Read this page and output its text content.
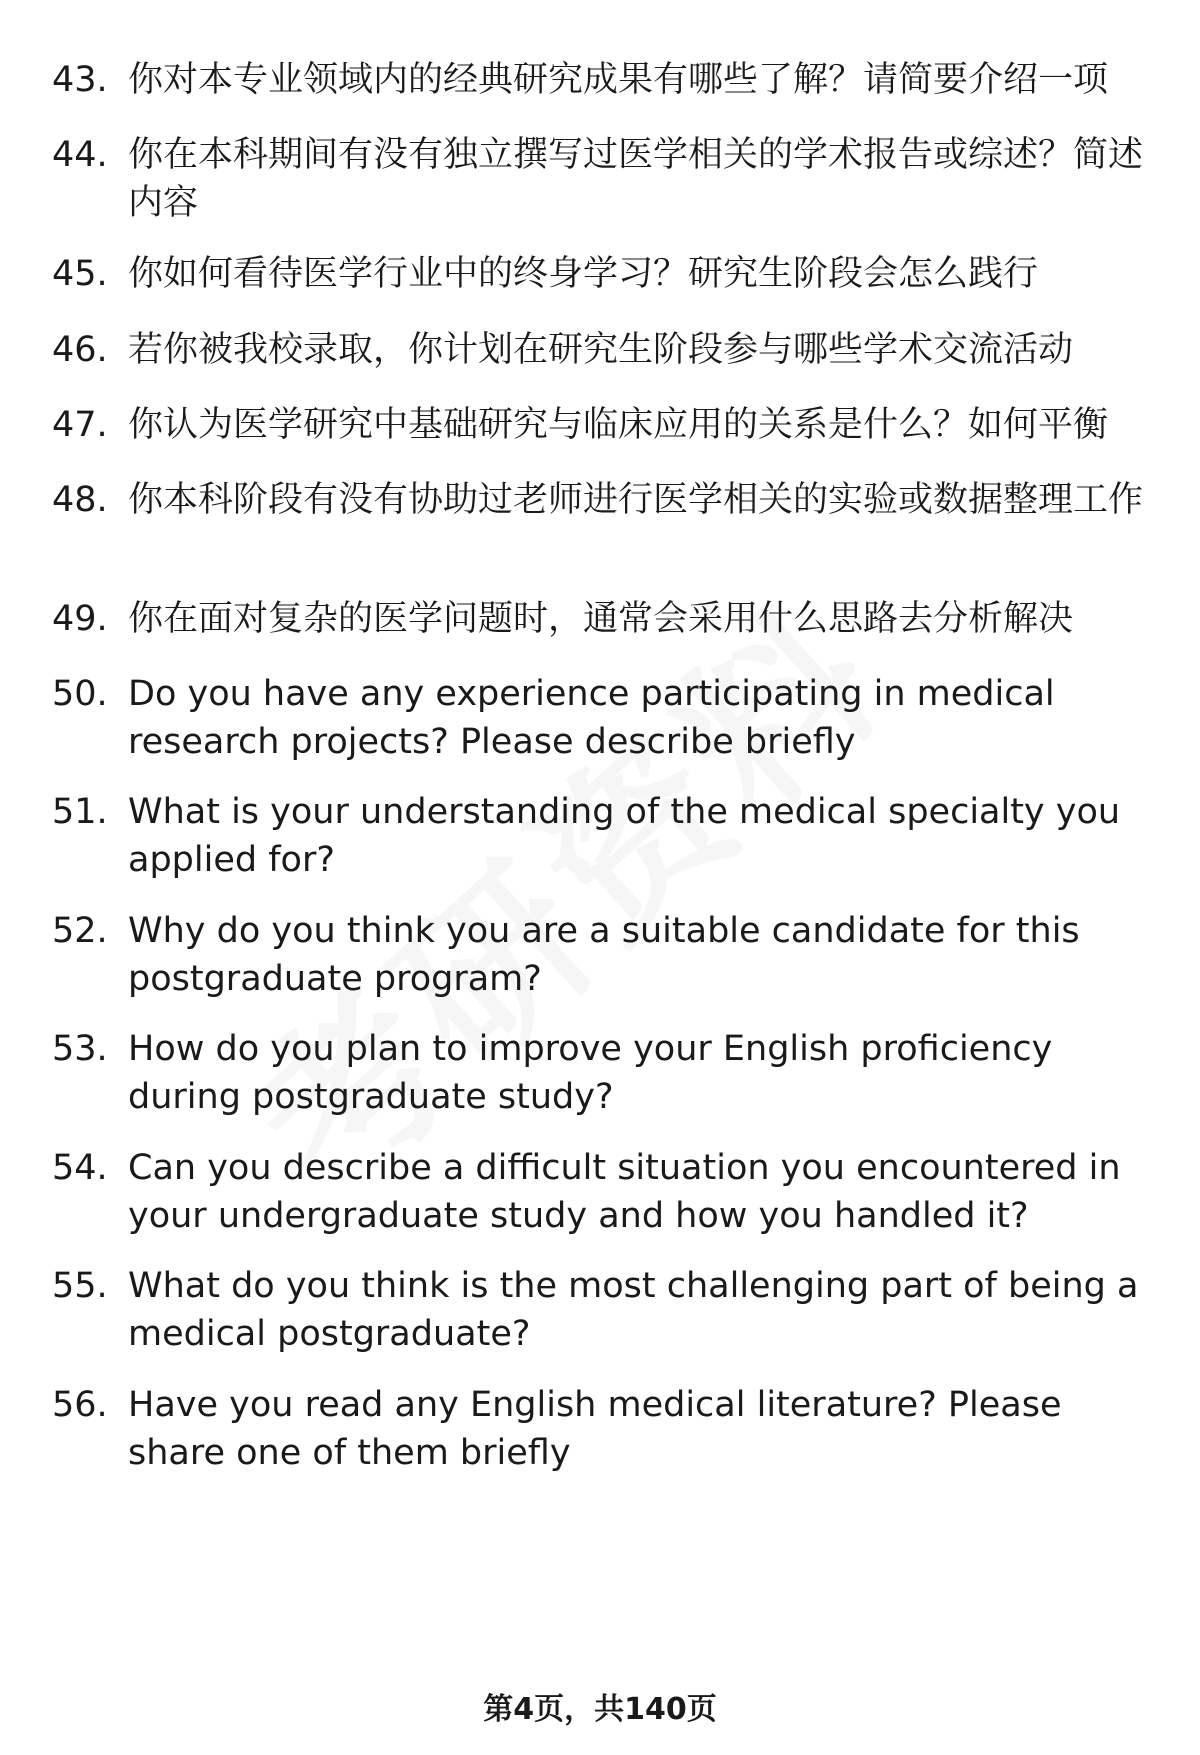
43. 你对本专业领域内的经典研究成果有哪些了解？请简要介绍一项
44. 你在本科期间有没有独立撰写过医学相关的学术报告或综述？简述内容
45. 你如何看待医学行业中的终身学习？研究生阶段会怎么践行
46. 若你被我校录取，你计划在研究生阶段参与哪些学术交流活动
47. 你认为医学研究中基础研究与临床应用的关系是什么？如何平衡
48. 你本科阶段有没有协助过老师进行医学相关的实验或数据整理工作
49. 你在面对复杂的医学问题时，通常会采用什么思路去分析解决
50. Do you have any experience participating in medical research projects? Please describe briefly
51. What is your understanding of the medical specialty you applied for?
52. Why do you think you are a suitable candidate for this postgraduate program?
53. How do you plan to improve your English proficiency during postgraduate study?
54. Can you describe a difficult situation you encountered in your undergraduate study and how you handled it?
55. What do you think is the most challenging part of being a medical postgraduate?
56. Have you read any English medical literature? Please share one of them briefly
第4页，共140页
